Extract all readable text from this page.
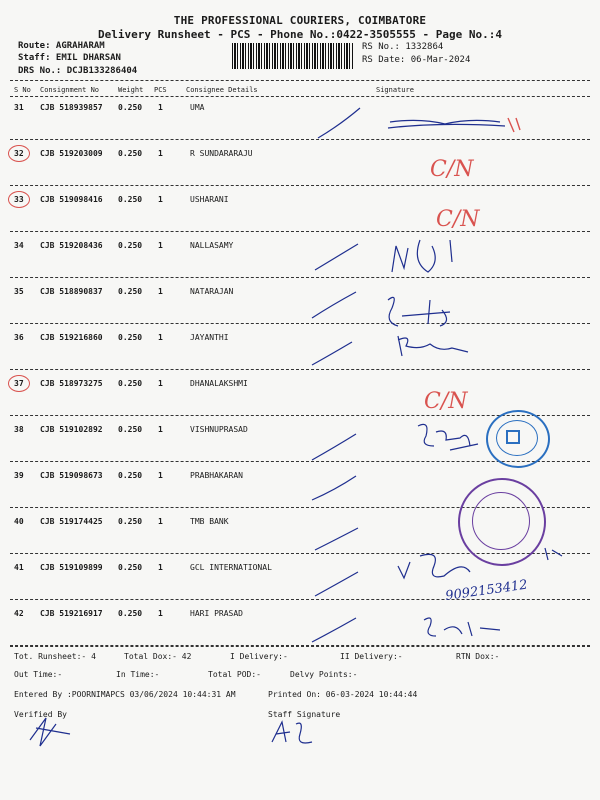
THE PROFESSIONAL COURIERS, COIMBATORE
Delivery Runsheet - PCS - Phone No.:0422-3505555 - Page No.:4
Route: AGRAHARAM
Staff: EMIL DHARSAN
DRS No.: DCJB133286404
RS No.: 1332864
RS Date: 06-Mar-2024
S No Consignment No	Weight PCS	Consignee Details	Signature
31 CJB 518939857 0.250 1	UMA
32 CJB 519203009 0.250 1	R SUNDARARAJU
33 CJB 519098416 0.250 1	USHARANI
34 CJB 519208436 0.250 1	NALLASAMY
35 CJB 518890837 0.250 1	NATARAJAN
36 CJB 519216860 0.250 1	JAYANTHI
37 CJB 518973275 0.250 1	DHANALAKSHMI
38 CJB 519102892 0.250 1	VISHNUPRASAD
39 CJB 519098673 0.250 1	PRABHAKARAN
40 CJB 519174425 0.250 1	TMB BANK
41 CJB 519109899 0.250 1	GCL INTERNATIONAL
42 CJB 519216917 0.250 1	HARI PRASAD
C/N
C/N
C/N
9092153412
Tot. Runsheet:- 4	Total Dox:- 42	I Delivery:-	II Delivery:-	RTN Dox:-
Out Time:-	In Time:-	Total POD:-	Delvy Points:-
Entered By :POORNIMAPCS 03/06/2024 10:44:31 AM	Printed On: 06-03-2024 10:44:44
Verified By	Staff Signature
